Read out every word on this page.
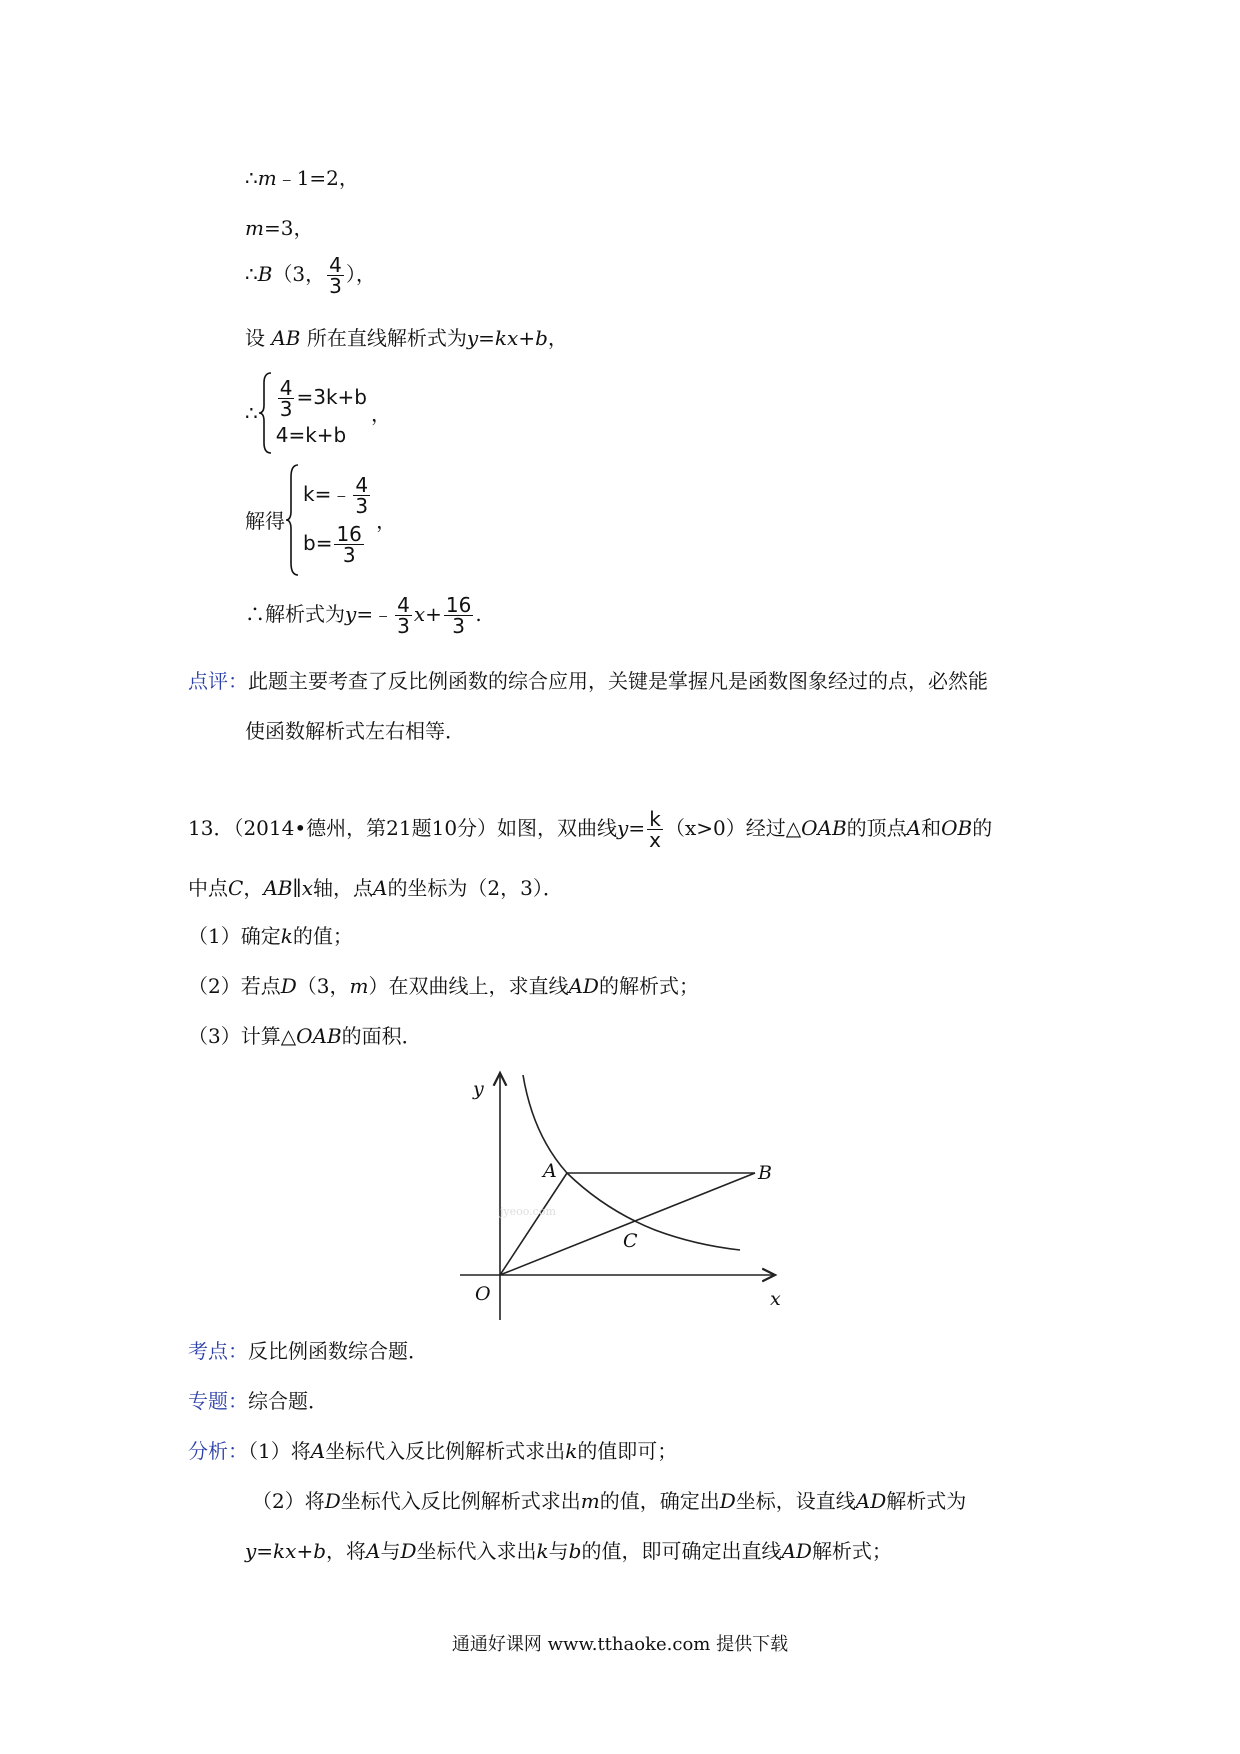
∴m﹣1=2，
m=3，
∴B（3， $\frac{4}{3}$ ），
设 AB 所在直线解析式为y=kx+b，
∴ $\frac{4}{3} =3k+b$
4=k+b
，
解得
k=﹣ $\frac{4}{3}$
$b= \frac{16}{3}$
，
∴解析式为y=﹣ $\frac{4}{3} x+ \frac{16}{3}$ .
点评：此题主要考查了反比例函数的综合应用，关键是掌握凡是函数图象经过的点，必然能
使函数解析式左右相等．
13．（2014•德州，第21题10分）如图，双曲线$y= \frac{k}{x} (x>0)$经过△OAB的顶点A和OB的
中点C，AB∥x轴，点A的坐标为（2，3）．
（1）确定k的值；
（2）若点D（3，m）在双曲线上，求直线AD的解析式；
（3）计算△OAB的面积．
jyeoo.com
y
x
O
A	B
C
考点：反比例函数综合题．
专题：综合题．
分析：（1）将A坐标代入反比例解析式求出k的值即可；
（2）将D坐标代入反比例解析式求出m的值，确定出D坐标，设直线AD解析式为
y=kx+b，将A与D坐标代入求出k与b的值，即可确定出直线AD解析式；
通通好课网 www.tthaoke.com 提供下载
